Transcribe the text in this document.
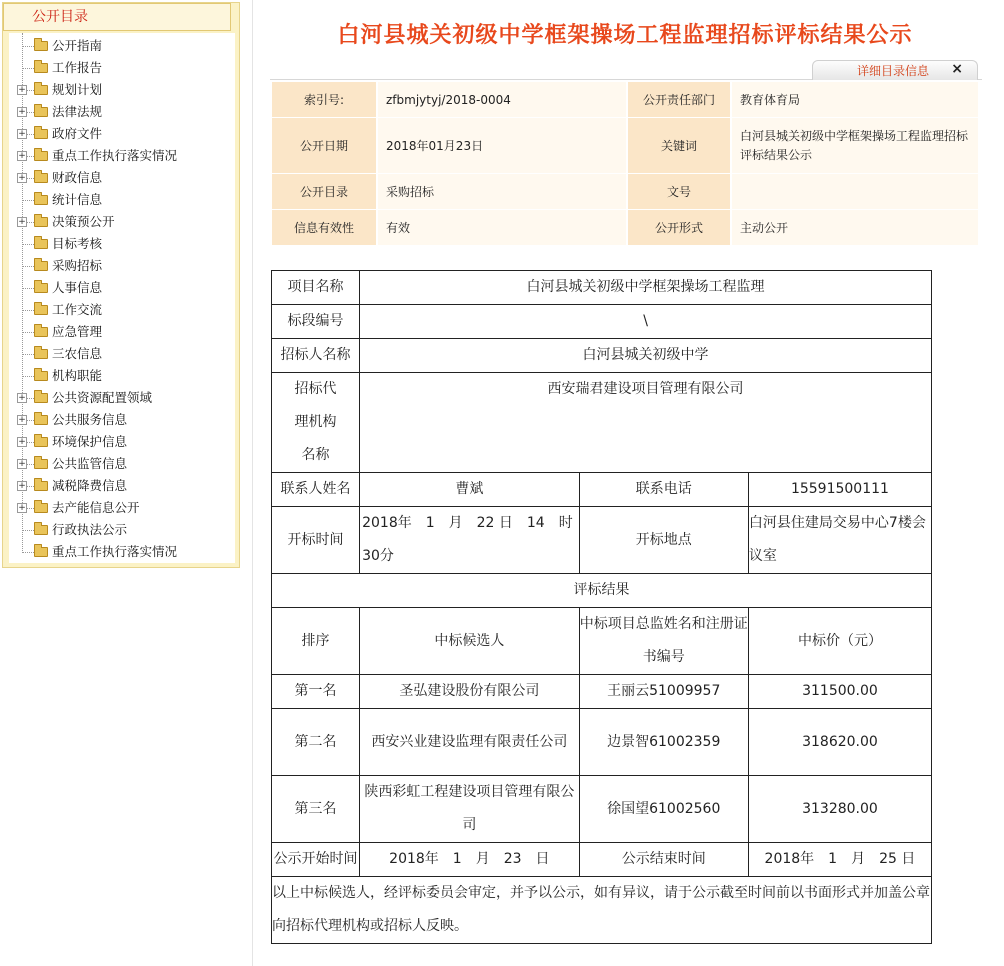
公开目录
公开指南
工作报告
+ 规划计划
+ 法律法规
+ 政府文件
+ 重点工作执行落实情况
+ 财政信息
统计信息
+ 决策预公开
目标考核
采购招标
人事信息
工作交流
应急管理
三农信息
机构职能
+ 公共资源配置领域
+ 公共服务信息
+ 环境保护信息
+ 公共监管信息
+ 减税降费信息
+ 去产能信息公开
行政执法公示
重点工作执行落实情况
白河县城关初级中学框架操场工程监理招标评标结果公示
详细目录信息 ×
索引号:	zfbmjytyj/2018-0004	公开责任部门	教育体育局
公开日期	2018年01月23日	关键词	白河县城关初级中学框架操场工程监理招标评标结果公示
公开目录	采购招标	文号	
信息有效性	有效	公开形式	主动公开
项目名称	白河县城关初级中学框架操场工程监理		
标段编号	\		
招标人名称	白河县城关初级中学		
招标代理机构名称	西安瑞君建设项目管理有限公司		
联系人姓名	曹斌	联系电话	15591500111
开标时间	2018年　1　月　22 日　14　时　30分	开标地点	白河县住建局交易中心7楼会议室
评标结果			
排序	中标候选人	中标项目总监姓名和注册证书编号	中标价（元）
第一名	圣弘建设股份有限公司	王丽云51009957	311500.00
第二名	西安兴业建设监理有限责任公司	边景智61002359	318620.00
第三名	陕西彩虹工程建设项目管理有限公司	徐国望61002560	313280.00
公示开始时间	2018年　1　月　23　日	公示结束时间	2018年　1　月　25 日
以上中标候选人，经评标委员会审定，并予以公示，如有异议，请于公示截至时间前以书面形式并加盖公章向招标代理机构或招标人反映。			
